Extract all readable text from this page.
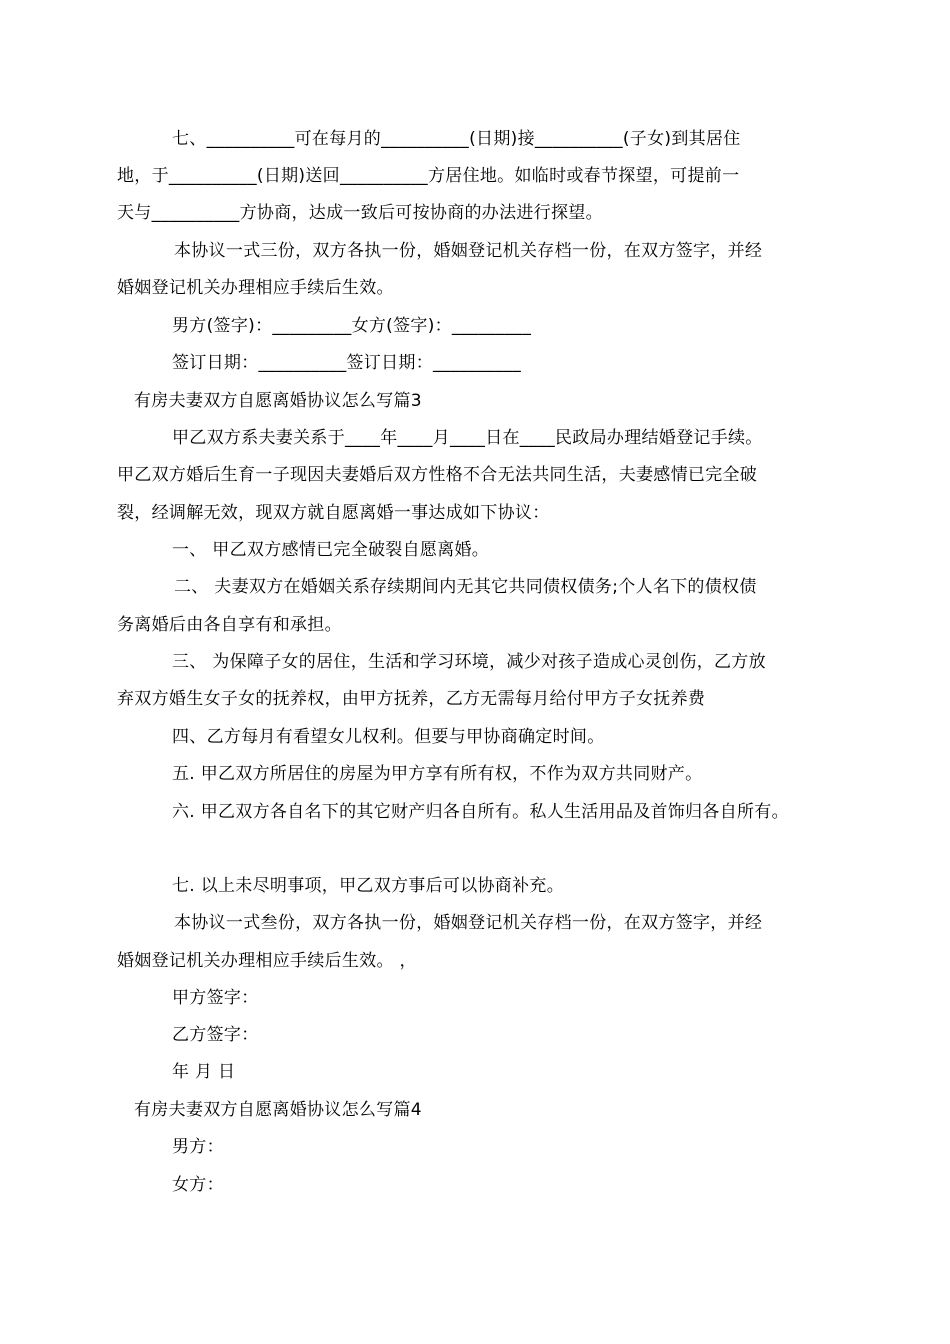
七、__________可在每月的__________(日期)接__________(子女)到其居住
地，于__________(日期)送回__________方居住地。如临时或春节探望，可提前一
天与__________方协商，达成一致后可按协商的办法进行探望。
本协议一式三份，双方各执一份，婚姻登记机关存档一份，在双方签字，并经
婚姻登记机关办理相应手续后生效。
男方(签字)：_________女方(签字)：_________
签订日期：__________签订日期：__________
有房夫妻双方自愿离婚协议怎么写篇3
甲乙双方系夫妻关系于____年____月____日在____民政局办理结婚登记手续。
甲乙双方婚后生育一子现因夫妻婚后双方性格不合无法共同生活，夫妻感情已完全破
裂，经调解无效，现双方就自愿离婚一事达成如下协议：
一、 甲乙双方感情已完全破裂自愿离婚。
二、 夫妻双方在婚姻关系存续期间内无其它共同债权债务;个人名下的债权债
务离婚后由各自享有和承担。
三、 为保障子女的居住，生活和学习环境，减少对孩子造成心灵创伤，乙方放
弃双方婚生女子女的抚养权，由甲方抚养，乙方无需每月给付甲方子女抚养费
四、乙方每月有看望女儿权利。但要与甲协商确定时间。
五. 甲乙双方所居住的房屋为甲方享有所有权，不作为双方共同财产。
六. 甲乙双方各自名下的其它财产归各自所有。私人生活用品及首饰归各自所有。
七. 以上未尽明事项，甲乙双方事后可以协商补充。
本协议一式叁份，双方各执一份，婚姻登记机关存档一份，在双方签字，并经
婚姻登记机关办理相应手续后生效。 ，
甲方签字：
乙方签字：
年 月 日
有房夫妻双方自愿离婚协议怎么写篇4
男方：
女方：
